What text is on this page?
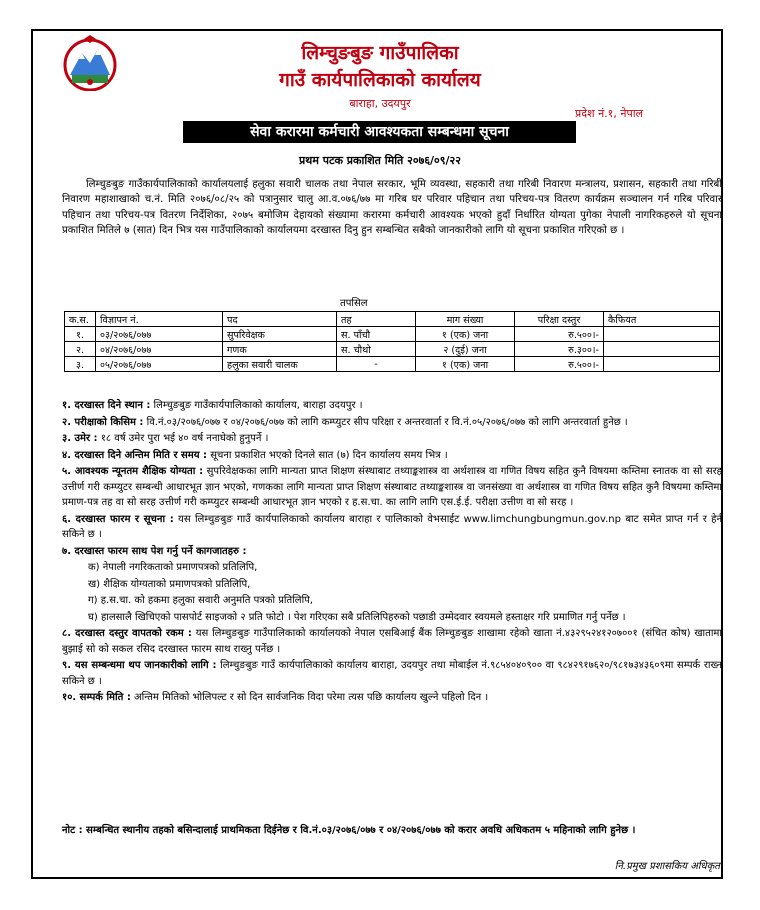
लिम्चुङबुङ गाउँपालिका
गाउँ कार्यपालिकाको कार्यालय
बाराहा, उदयपुर
प्रदेश नं.१, नेपाल
सेवा करारमा कर्मचारी आवश्यकता सम्बन्धमा सूचना
प्रथम पटक प्रकाशित मिति २०७६/०९/२२
लिम्चुङबुङ गाउँकार्यपालिकाको कार्यालयलाई हलुका सवारी चालक तथा नेपाल सरकार, भूमि व्यवस्था, सहकारी तथा गरिबी निवारण मन्त्रालय, प्रशासन, सहकारी तथा गरिबी निवारण महाशाखाको च.नं. मिति २०७६/०८/२५ को पत्रानुसार चालु आ.व.०७६/७७ मा गरिब घर परिवार पहिचान तथा परिचय-पत्र वितरण कार्यक्रम सञ्चालन गर्न गरिब परिवार पहिचान तथा परिचय-पत्र वितरण निर्देशिका, २०७५ बमोजिम देहायको संख्यामा करारमा कर्मचारी आवश्यक भएको हुदाँ निर्धारित योग्यता पुगेका नेपाली नागरिकहरुले यो सूचना प्रकाशित मितिले ७ (सात) दिन भित्र यस गाउँपालिकाको कार्यालयमा दरखास्त दिनु हुन सम्बन्धित सबैको जानकारीको लागि यो सूचना प्रकाशित गरिएको छ ।
तपसिल
क.स.	विज्ञापन नं.	पद	तह	माग संख्या	परिक्षा दस्तुर	कैफियत
१.	०३/२०७६/०७७	सुपरिवेक्षक	स. पाँचौ	१ (एक) जना	रु.५००।-	
२.	०४/२०७६/०७७	गणक	स. चौथो	२ (दुई) जना	रु.३००।-	
३.	०५/२०७६/०७७	हलुका सवारी चालक	-	१ (एक) जना	रु.५००।-	
१. दरखास्त दिने स्थान : लिम्चुङबुङ गाउँकार्यपालिकाको कार्यालय, बाराहा उदयपुर ।
२. परीक्षाको किसिम : वि.नं.०३/२०७६/०७७ र ०४/२०७६/०७७ को लागि कम्प्युटर सीप परिक्षा र अन्तरवार्ता र वि.नं.०५/२०७६/०७७ को लागि अन्तरवार्ता हुनेछ ।
३. उमेर : १८ वर्ष उमेर पुरा भई ४० वर्ष ननाघेको हुनुपर्ने ।
४. दरखास्त दिने अन्तिम मिति र समय : सूचना प्रकाशित भएको दिनले सात (७) दिन कार्यालय समय भित्र ।
५. आवश्यक न्यूनतम शैक्षिक योग्यता : सुपरिवेक्षकका लागि मान्यता प्राप्त शिक्षण संस्थाबाट तथ्याङ्कशास्त्र वा अर्थशास्त्र वा गणित विषय सहित कुनै विषयमा कम्तिमा स्नातक वा सो सरह उत्तीर्ण गरी कम्प्युटर सम्बन्धी आधारभूत ज्ञान भएको, गणकका लागि मान्यता प्राप्त शिक्षण संस्थाबाट तथ्याङ्कशास्त्र वा जनसंख्या वा अर्थशास्त्र वा गणित विषय सहित कुनै विषयमा कम्तिमा प्रमाण-पत्र तह वा सो सरह उत्तीर्ण गरी कम्प्युटर सम्बन्धी आधारभूत ज्ञान भएको र ह.स.चा. का लागि लागि एस.ई.ई. परीक्षा उत्तीण वा सो सरह ।
६. दरखास्त फारम र सूचना : यस लिम्चुङबुङ गाउँ कार्यपालिकाको कार्यालय बाराहा र पालिकाको वेभसाईट www.limchungbungmun.gov.np बाट समेत प्राप्त गर्न र हेर्न सकिने छ ।
७. दरखास्त फारम साथ पेश गर्नु पर्ने कागजातहरु :
क) नेपाली नगरिकताको प्रमाणपत्रको प्रतिलिपि,
ख) शैक्षिक योग्यताको प्रमाणपत्रको प्रतिलिपि,
ग) ह.स.चा. को हकमा हलुका सवारी अनुमति पत्रको प्रतिलिपि,
घ) हालसालै खिचिएको पासपोर्ट साइजको २ प्रति फोटो । पेश गरिएका सबै प्रतिलिपिहरुको पछाडी उम्मेदवार स्वयमले हस्ताक्षर गरि प्रमाणित गर्नु पर्नेछ ।
८. दरखास्त दस्तुर वापतको रकम : यस लिम्चुङबुङ गाउँपालिकाको कार्यालयको नेपाल एसबिआई बैंक लिम्चुङबुङ शाखामा रहेको खाता नं.४३२९५२४१२०७००१ (संचित कोष) खातामा बुझाई सो को सकल रसिद दरखास्त फारम साथ राख्नु पर्नेछ ।
९. यस सम्बन्धमा थप जानकारीको लागि : लिम्चुङबुङ गाउँ कार्यपालिकाको कार्यालय बाराहा, उदयपुर तथा मोबाईल नं.९८५४०४०९०० वा ९८४२९१७६२०/९८१७३४३६०९मा सम्पर्क राख्न सकिने छ ।
१०. सम्पर्क मिति : अन्तिम मितिको भोलिपल्ट र सो दिन सार्वजनिक विदा परेमा त्यस पछि कार्यालय खुल्ने पहिलो दिन ।
नोट : सम्बन्धित स्थानीय तहको बसिन्दालाई प्राथमिकता दिईनेछ र वि.नं.०३/२०७६/०७७ र ०४/२०७६/०७७ को करार अवधि अधिकतम ५ महिनाको लागि हुनेछ ।
नि.प्रमुख प्रशासकिय अधिकृत
